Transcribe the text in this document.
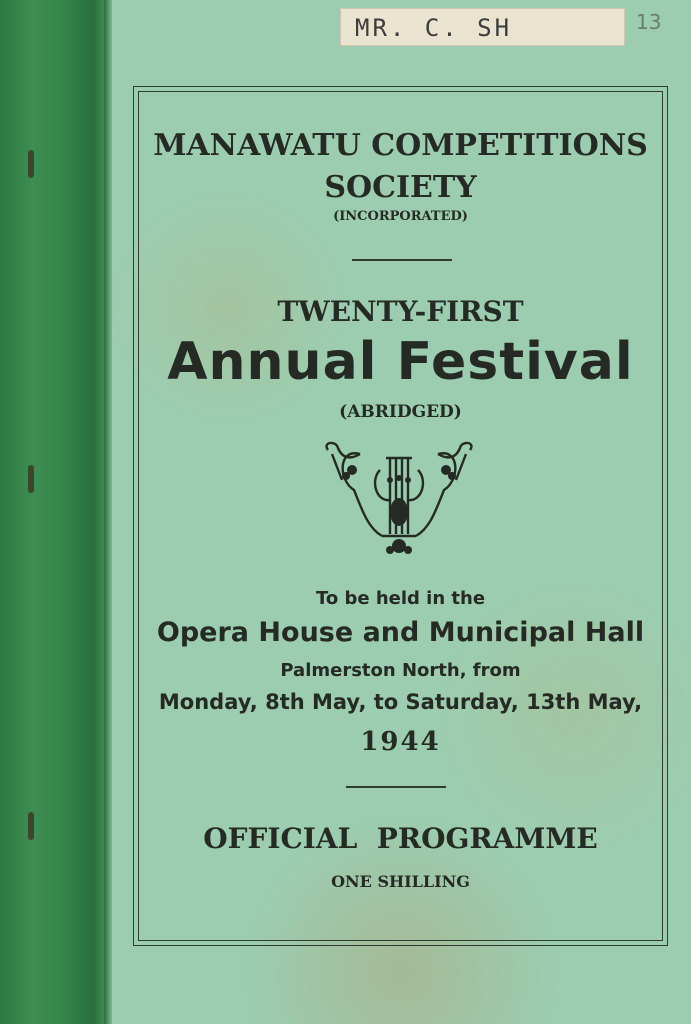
MR. C. SH	13
MANAWATU COMPETITIONS
SOCIETY
(INCORPORATED)
TWENTY-FIRST
Annual Festival
(ABRIDGED)
To be held in the
Opera House and Municipal Hall
Palmerston North, from
Monday, 8th May, to Saturday, 13th May,
1944
OFFICIAL  PROGRAMME
ONE SHILLING
